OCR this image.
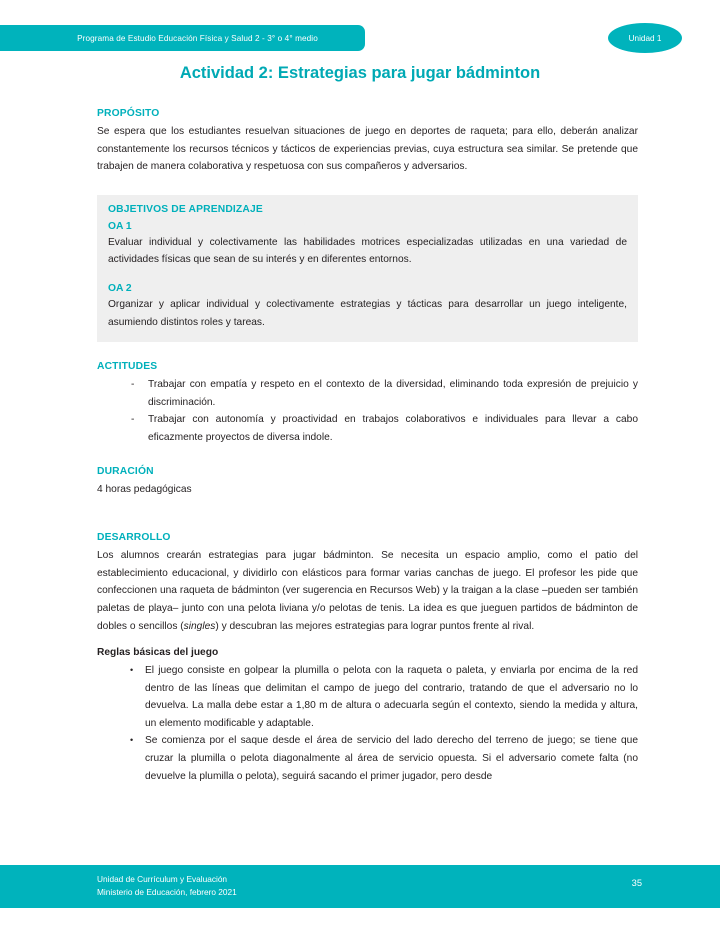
Programa de Estudio Educación Física y Salud 2 - 3° o 4° medio	Unidad 1
Actividad 2: Estrategias para jugar bádminton
PROPÓSITO

Se espera que los estudiantes resuelvan situaciones de juego en deportes de raqueta; para ello, deberán analizar constantemente los recursos técnicos y tácticos de experiencias previas, cuya estructura sea similar. Se pretende que trabajen de manera colaborativa y respetuosa con sus compañeros y adversarios.

OBJETIVOS DE APRENDIZAJE
OA 1

Evaluar individual y colectivamente las habilidades motrices especializadas utilizadas en una variedad de actividades físicas que sean de su interés y en diferentes entornos.

OA 2

Organizar y aplicar individual y colectivamente estrategias y tácticas para desarrollar un juego inteligente, asumiendo distintos roles y tareas.

ACTITUDES
- Trabajar con empatía y respeto en el contexto de la diversidad, eliminando toda expresión de prejuicio y discriminación.
- Trabajar con autonomía y proactividad en trabajos colaborativos e individuales para llevar a cabo eficazmente proyectos de diversa indole.
DURACIÓN

4 horas pedagógicas

DESARROLLO

Los alumnos crearán estrategias para jugar bádminton. Se necesita un espacio amplio, como el patio del establecimiento educacional, y dividirlo con elásticos para formar varias canchas de juego. El profesor les pide que confeccionen una raqueta de bádminton (ver sugerencia en Recursos Web) y la traigan a la clase –pueden ser también paletas de playa– junto con una pelota liviana y/o pelotas de tenis. La idea es que jueguen partidos de bádminton de dobles o sencillos (singles) y descubran las mejores estrategias para lograr puntos frente al rival.

Reglas básicas del juego
• El juego consiste en golpear la plumilla o pelota con la raqueta o paleta, y enviarla por encima de la red dentro de las líneas que delimitan el campo de juego del contrario, tratando de que el adversario no lo devuelva. La malla debe estar a 1,80 m de altura o adecuarla según el contexto, siendo la medida y altura, un elemento modificable y adaptable.
• Se comienza por el saque desde el área de servicio del lado derecho del terreno de juego; se tiene que cruzar la plumilla o pelota diagonalmente al área de servicio opuesta. Si el adversario comete falta (no devuelve la plumilla o pelota), seguirá sacando el primer jugador, pero desde
Unidad de Currículum y Evaluación
Ministerio de Educación, febrero 2021
35
